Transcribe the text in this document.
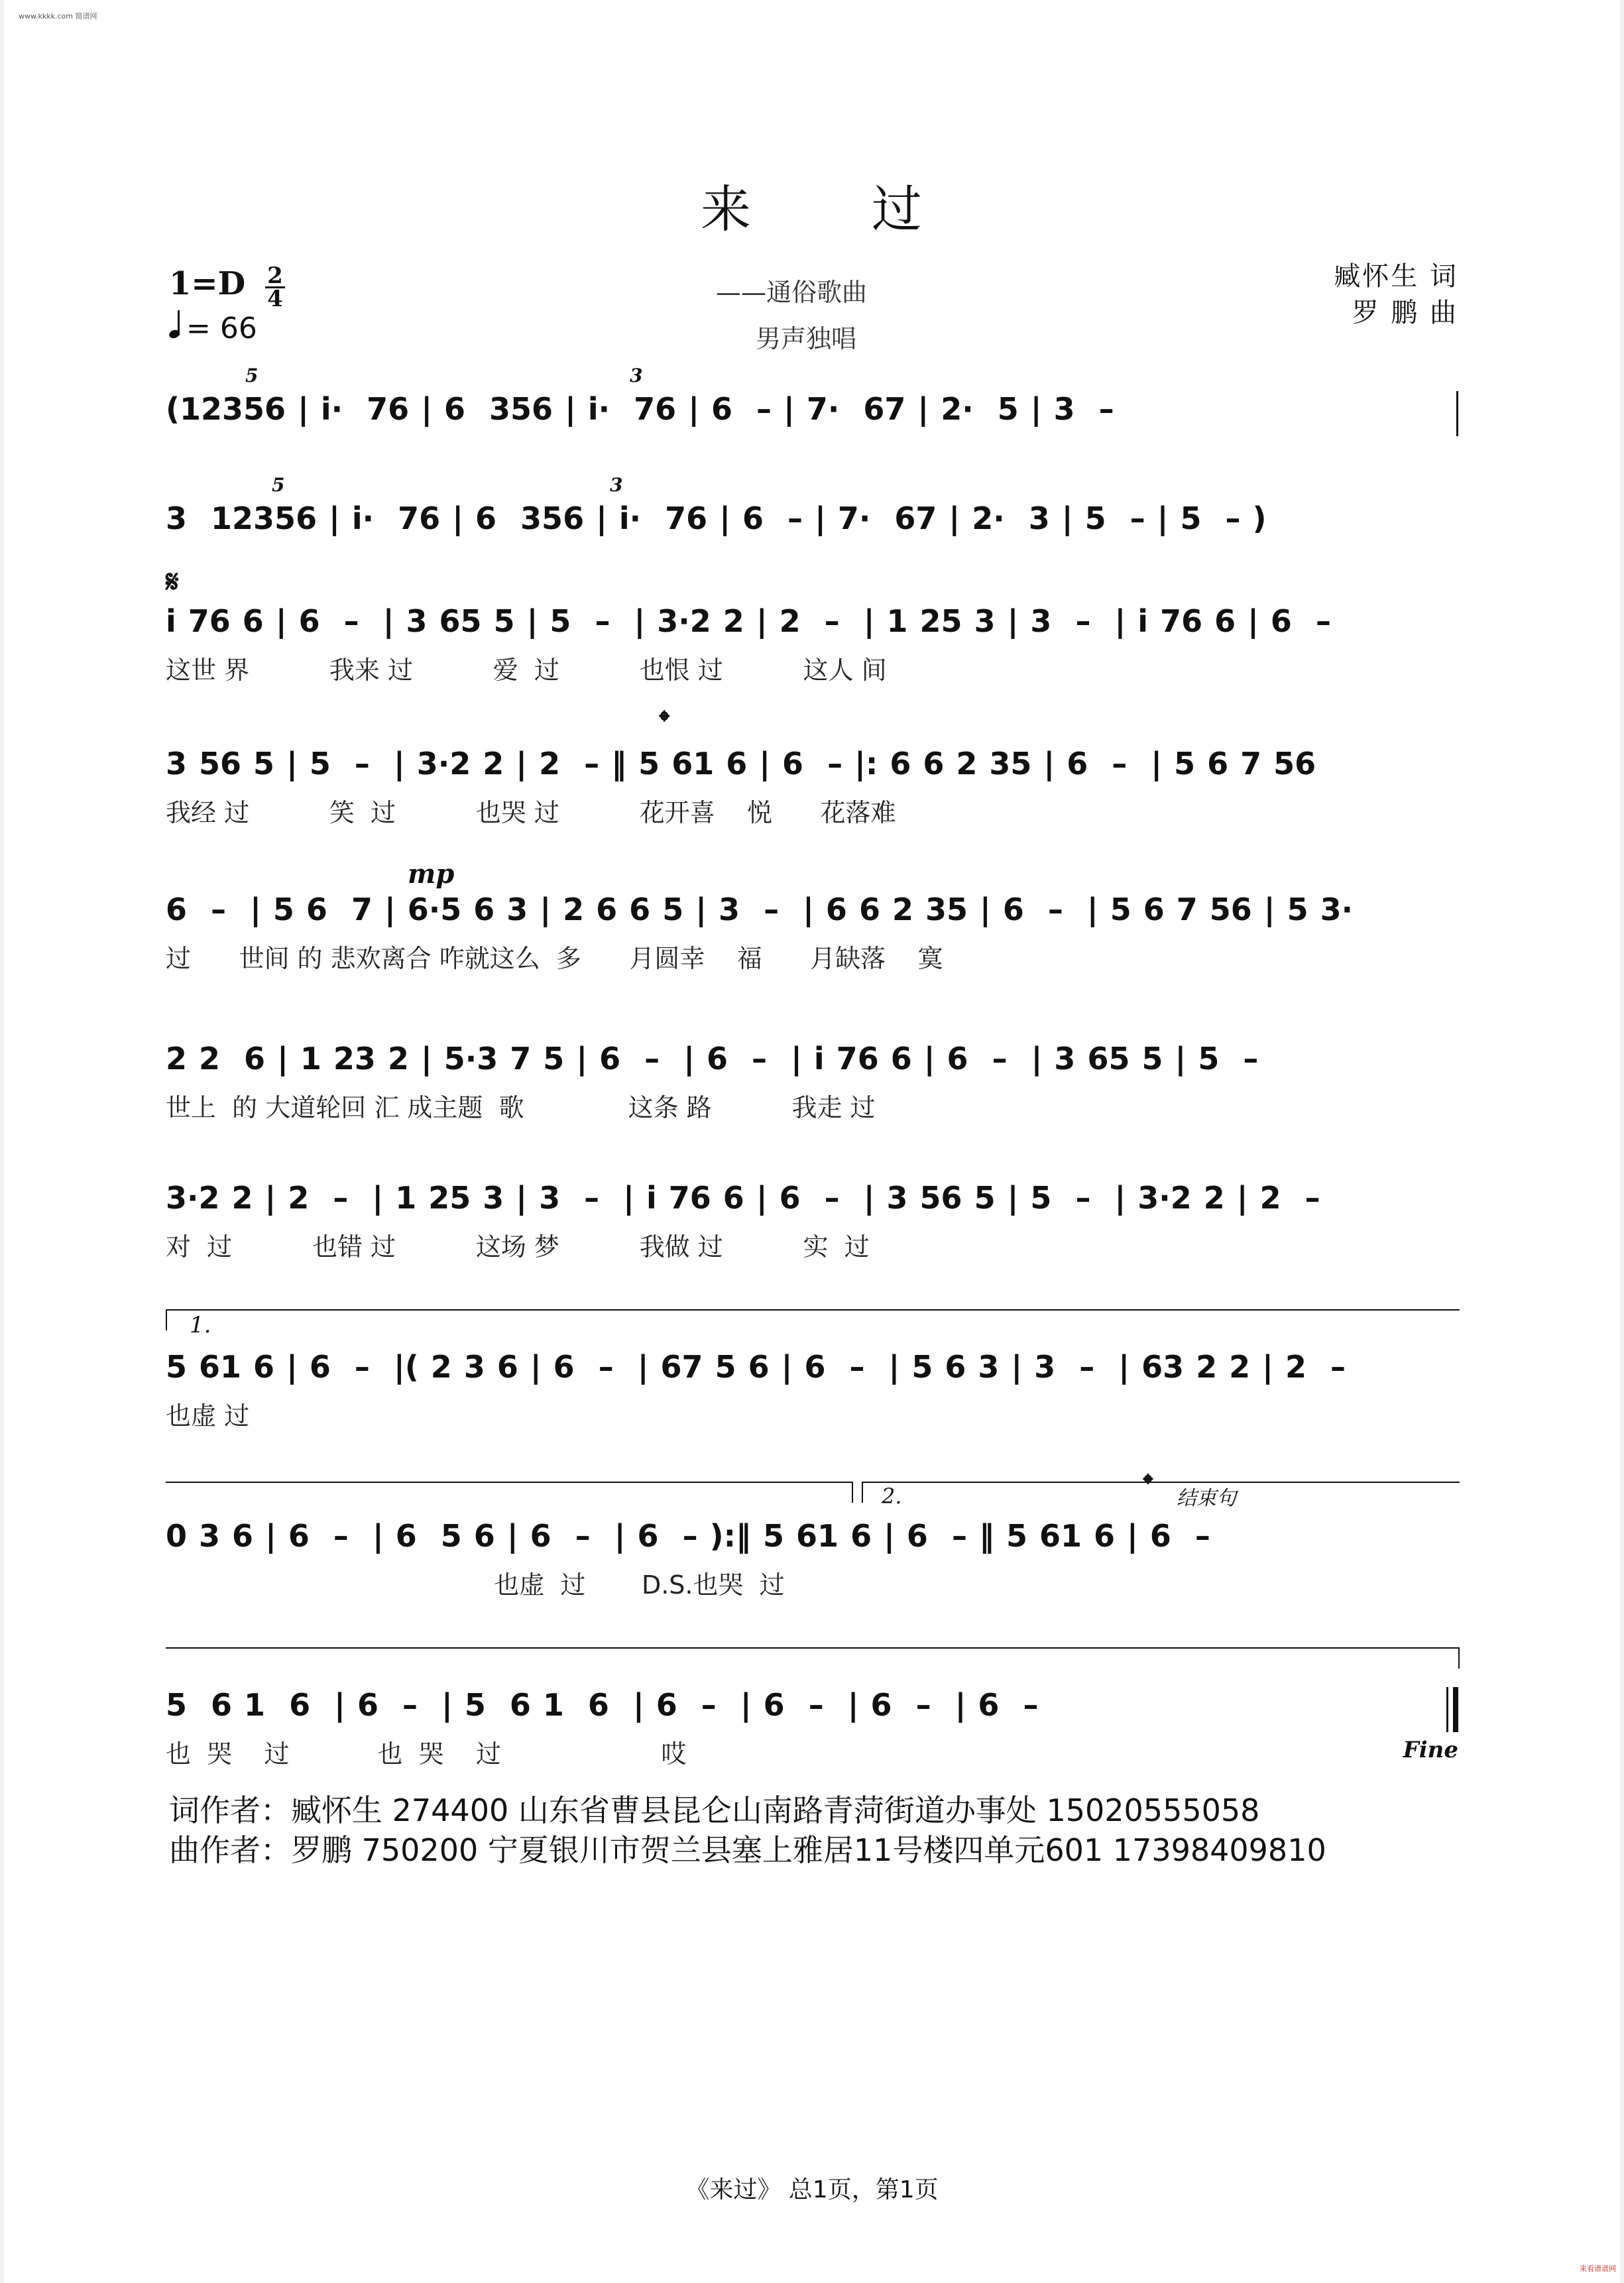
www.kkkk.com 简谱网
来 过
1=D 2
4
= 66
——通俗歌曲
男声独唱
臧怀生 词
罗 鹏 曲
5	3

(12356 | i·  76 | 6  356 | i·  76 | 6  – | 7·  67 | 2·  5 | 3  –

5	3

3  12356 | i·  76 | 6  356 | i·  76 | 6  – | 7·  67 | 2·  3 | 5  – | 5  – )

𝄋

i 76 6 | 6  –  | 3 65 5 | 5  –  | 3·2 2 | 2  –  | 1 25 3 | 3  –  | i 76 6 | 6  –

这世 界          我来 过          爱  过          也恨 过          这人 间
𝄌

3 56 5 | 5  –  | 3·2 2 | 2  – ‖ 5 61 6 | 6  – |: 6 6 2 35 | 6  –  | 5 6 7 56

我经 过          笑  过          也哭 过          花开喜    悦      花落难
mp

6  –  | 5 6  7 | 6·5 6 3 | 2 6 6 5 | 3  –  | 6 6 2 35 | 6  –  | 5 6 7 56 | 5 3·

过      世间 的 悲欢离合 咋就这么  多      月圆幸    福      月缺落    寞

2 2  6 | 1 23 2 | 5·3 7 5 | 6  –  | 6  –  | i 76 6 | 6  –  | 3 65 5 | 5  –

世上  的 大道轮回 汇 成主题  歌             这条 路          我走 过

3·2 2 | 2  –  | 1 25 3 | 3  –  | i 76 6 | 6  –  | 3 56 5 | 5  –  | 3·2 2 | 2  –

对  过          也错 过          这场 梦          我做 过          实  过
1.

5 61 6 | 6  –  |( 2 3 6 | 6  –  | 67 5 6 | 6  –  | 5 6 3 | 3  –  | 63 2 2 | 2  –

也虚 过
2.	𝄌 结束句

0 3 6 | 6  –  | 6  5 6 | 6  –  | 6  – ):‖ 5 61 6 | 6  – ‖ 5 61 6 | 6  –

也虚  过       D.S.也哭  过

5  6 1  6  | 6  –  | 5  6 1  6  | 6  –  | 6  –  | 6  –  | 6  –

也  哭    过           也  哭    过                    哎	Fine
词作者：臧怀生 274400 山东省曹县昆仑山南路青菏街道办事处 15020555058
曲作者：罗鹏 750200 宁夏银川市贺兰县塞上雅居11号楼四单元601 17398409810
《来过》 总1页，第1页
来看谱谱网
